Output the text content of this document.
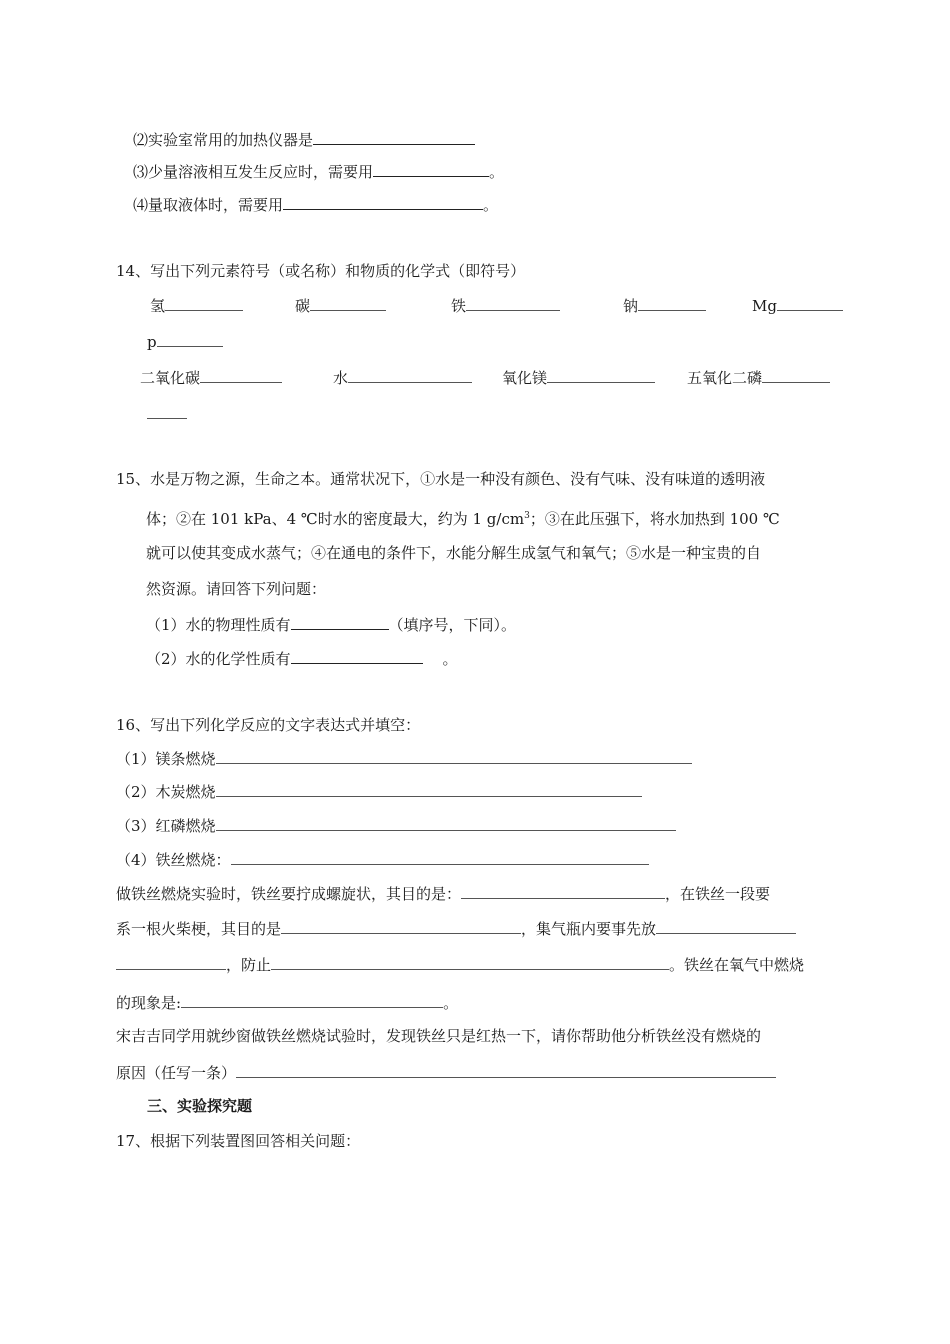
⑵实验室常用的加热仪器是
⑶少量溶液相互发生反应时，需要用	。
⑷量取液体时，需要用	。
14、写出下列元素符号（或名称）和物质的化学式（即符号）
氢	碳	铁	钠	Mg
p
二氧化碳	水	氧化镁	五氧化二磷
15、水是万物之源，生命之本。通常状况下，①水是一种没有颜色、没有气味、没有味道的透明液
体；②在 101 kPa、4 ℃时水的密度最大，约为 1 $g/cm^3$；③在此压强下，将水加热到 100 ℃
就可以使其变成水蒸气；④在通电的条件下，水能分解生成氢气和氧气；⑤水是一种宝贵的自
然资源。请回答下列问题：
（1）水的物理性质有	（填序号，下同）。
（2）水的化学性质有	。
16、写出下列化学反应的文字表达式并填空：
（1）镁条燃烧
（2）木炭燃烧
（3）红磷燃烧
（4）铁丝燃烧：
做铁丝燃烧实验时，铁丝要拧成螺旋状，其目的是：	，在铁丝一段要
系一根火柴梗，其目的是	，集气瓶内要事先放
，防止	。铁丝在氧气中燃烧
的现象是:	。
宋吉吉同学用就纱窗做铁丝燃烧试验时，发现铁丝只是红热一下，请你帮助他分析铁丝没有燃烧的
原因（任写一条）
三、实验探究题
17、根据下列装置图回答相关问题：
